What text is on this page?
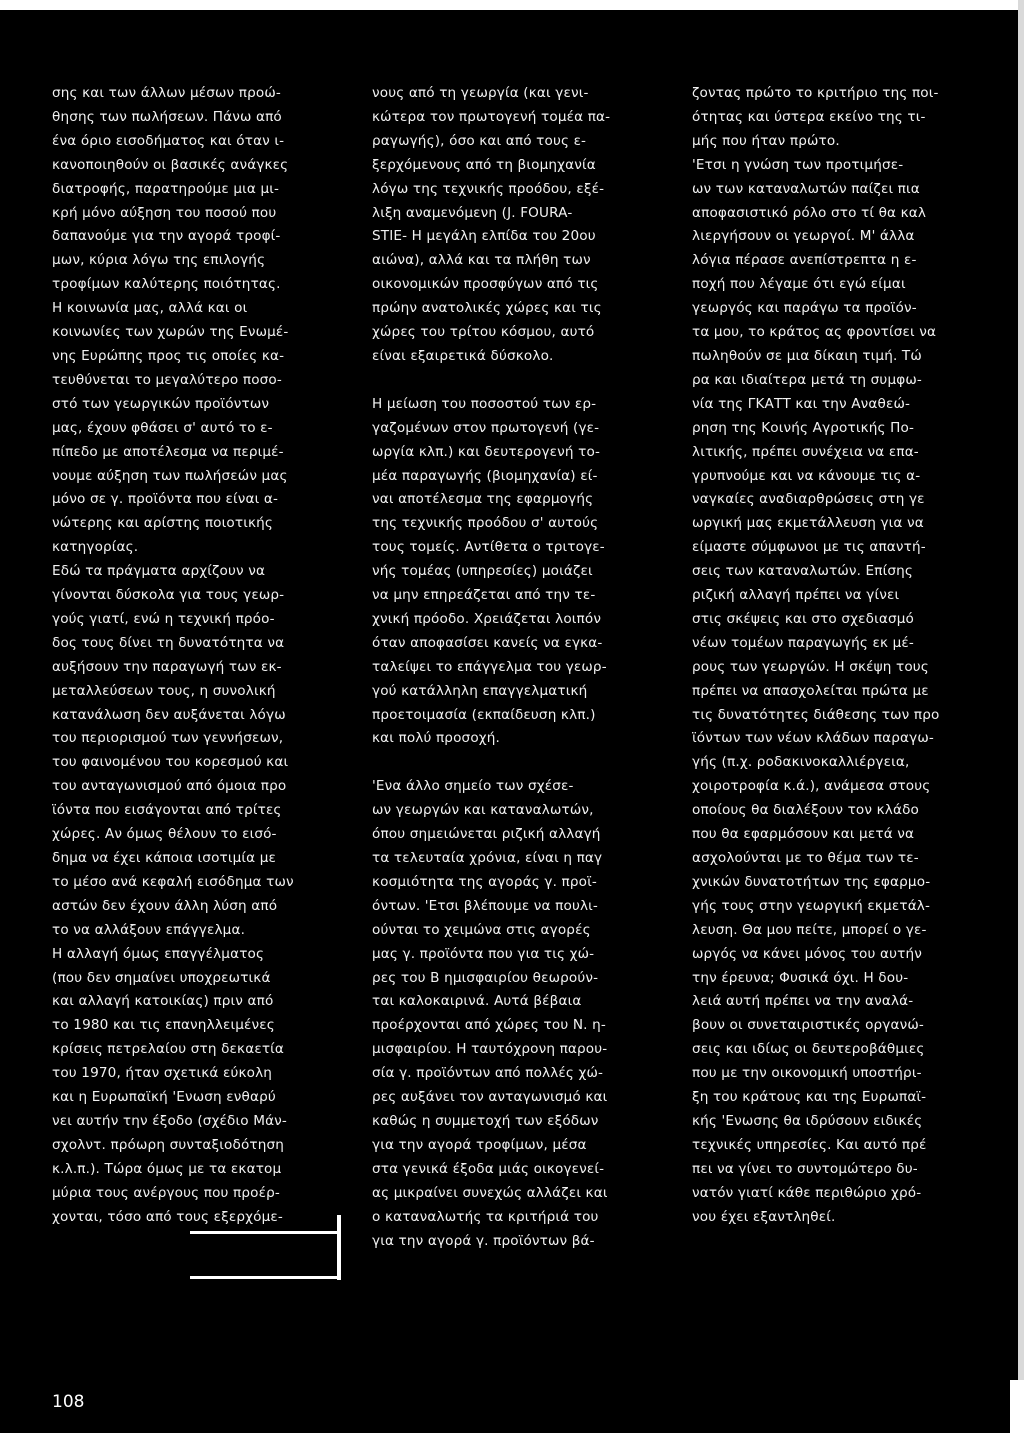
σης και των άλλων μέσων προώ-

θησης των πωλήσεων. Πάνω από

ένα όριο εισοδήματος και όταν ι-

κανοποιηθούν οι βασικές ανάγκες

διατροφής, παρατηρούμε μια μι-

κρή μόνο αύξηση του ποσού που

δαπανούμε για την αγορά τροφί-

μων, κύρια λόγω της επιλογής

τροφίμων καλύτερης ποιότητας.

Η κοινωνία μας, αλλά και οι

κοινωνίες των χωρών της Ενωμέ-

νης Ευρώπης προς τις οποίες κα-

τευθύνεται το μεγαλύτερο ποσο-

στό των γεωργικών προϊόντων

μας, έχουν φθάσει σ' αυτό το ε-

πίπεδο με αποτέλεσμα να περιμέ-

νουμε αύξηση των πωλήσεών μας

μόνο σε γ. προϊόντα που είναι α-

νώτερης και αρίστης ποιοτικής

κατηγορίας.

Εδώ τα πράγματα αρχίζουν να

γίνονται δύσκολα για τους γεωρ-

γούς γιατί, ενώ η τεχνική πρόο-

δος τους δίνει τη δυνατότητα να

αυξήσουν την παραγωγή των εκ-

μεταλλεύσεων τους, η συνολική

κατανάλωση δεν αυξάνεται λόγω

του περιορισμού των γεννήσεων,

του φαινομένου του κορεσμού και

του ανταγωνισμού από όμοια προ

ϊόντα που εισάγονται από τρίτες

χώρες. Αν όμως θέλουν το εισό-

δημα να έχει κάποια ισοτιμία με

το μέσο ανά κεφαλή εισόδημα των

αστών δεν έχουν άλλη λύση από

το να αλλάξουν επάγγελμα.

Η αλλαγή όμως επαγγέλματος

(που δεν σημαίνει υποχρεωτικά

και αλλαγή κατοικίας) πριν από

το 1980 και τις επανηλλειμένες

κρίσεις πετρελαίου στη δεκαετία

του 1970, ήταν σχετικά εύκολη

και η Ευρωπαϊκή 'Ενωση ενθαρύ

νει αυτήν την έξοδο (σχέδιο Μάν-

σχολντ. πρόωρη συνταξιοδότηση

κ.λ.π.). Τώρα όμως με τα εκατομ

μύρια τους ανέργους που προέρ-

χονται, τόσο από τους εξερχόμε-

νους από τη γεωργία (και γενι-

κώτερα τον πρωτογενή τομέα πα-

ραγωγής), όσο και από τους ε-

ξερχόμενους από τη βιομηχανία

λόγω της τεχνικής προόδου, εξέ-

λιξη αναμενόμενη (J. FOURA-

STIE- Η μεγάλη ελπίδα του 20ου

αιώνα), αλλά και τα πλήθη των

οικονομικών προσφύγων από τις

πρώην ανατολικές χώρες και τις

χώρες του τρίτου κόσμου, αυτό

είναι εξαιρετικά δύσκολο.

Η μείωση του ποσοστού των ερ-

γαζομένων στον πρωτογενή (γε-

ωργία κλπ.) και δευτερογενή το-

μέα παραγωγής (βιομηχανία) εί-

ναι αποτέλεσμα της εφαρμογής

της τεχνικής προόδου σ' αυτούς

τους τομείς. Αντίθετα ο τριτογε-

νής τομέας (υπηρεσίες) μοιάζει

να μην επηρεάζεται από την τε-

χνική πρόοδο. Χρειάζεται λοιπόν

όταν αποφασίσει κανείς να εγκα-

ταλείψει το επάγγελμα του γεωρ-

γού κατάλληλη επαγγελματική

προετοιμασία (εκπαίδευση κλπ.)

και πολύ προσοχή.

'Ενα άλλο σημείο των σχέσε-

ων γεωργών και καταναλωτών,

όπου σημειώνεται ριζική αλλαγή

τα τελευταία χρόνια, είναι η παγ

κοσμιότητα της αγοράς γ. προϊ-

όντων. 'Ετσι βλέπουμε να πουλι-

ούνται το χειμώνα στις αγορές

μας γ. προϊόντα που για τις χώ-

ρες του Β ημισφαιρίου θεωρούν-

ται καλοκαιρινά. Αυτά βέβαια

προέρχονται από χώρες του Ν. η-

μισφαιρίου. Η ταυτόχρονη παρου-

σία γ. προϊόντων από πολλές χώ-

ρες αυξάνει τον ανταγωνισμό και

καθώς η συμμετοχή των εξόδων

για την αγορά τροφίμων, μέσα

στα γενικά έξοδα μιάς οικογενεί-

ας μικραίνει συνεχώς αλλάζει και

ο καταναλωτής τα κριτήριά του

για την αγορά γ. προϊόντων βά-

ζοντας πρώτο το κριτήριο της ποι-

ότητας και ύστερα εκείνο της τι-

μής που ήταν πρώτο.

'Ετσι η γνώση των προτιμήσε-

ων των καταναλωτών παίζει πια

αποφασιστικό ρόλο στο τί θα καλ

λιεργήσουν οι γεωργοί. Μ' άλλα

λόγια πέρασε ανεπίστρεπτα η ε-

ποχή που λέγαμε ότι εγώ είμαι

γεωργός και παράγω τα προϊόν-

τα μου, το κράτος ας φροντίσει να

πωληθούν σε μια δίκαιη τιμή. Τώ

ρα και ιδιαίτερα μετά τη συμφω-

νία της ΓΚΑΤΤ και την Αναθεώ-

ρηση της Κοινής Αγροτικής Πο-

λιτικής, πρέπει συνέχεια να επα-

γρυπνούμε και να κάνουμε τις α-

ναγκαίες αναδιαρθρώσεις στη γε

ωργική μας εκμετάλλευση για να

είμαστε σύμφωνοι με τις απαντή-

σεις των καταναλωτών. Επίσης

ριζική αλλαγή πρέπει να γίνει

στις σκέψεις και στο σχεδιασμό

νέων τομέων παραγωγής εκ μέ-

ρους των γεωργών. Η σκέψη τους

πρέπει να απασχολείται πρώτα με

τις δυνατότητες διάθεσης των προ

ϊόντων των νέων κλάδων παραγω-

γής (π.χ. ροδακινοκαλλιέργεια,

χοιροτροφία κ.ά.), ανάμεσα στους

οποίους θα διαλέξουν τον κλάδο

που θα εφαρμόσουν και μετά να

ασχολούνται με το θέμα των τε-

χνικών δυνατοτήτων της εφαρμο-

γής τους στην γεωργική εκμετάλ-

λευση. Θα μου πείτε, μπορεί ο γε-

ωργός να κάνει μόνος του αυτήν

την έρευνα; Φυσικά όχι. Η δου-

λειά αυτή πρέπει να την αναλά-

βουν οι συνεταιριστικές οργανώ-

σεις και ιδίως οι δευτεροβάθμιες

που με την οικονομική υποστήρι-

ξη του κράτους και της Ευρωπαϊ-

κής 'Ενωσης θα ιδρύσουν ειδικές

τεχνικές υπηρεσίες. Και αυτό πρέ

πει να γίνει το συντομώτερο δυ-

νατόν γιατί κάθε περιθώριο χρό-

νου έχει εξαντληθεί.

108
